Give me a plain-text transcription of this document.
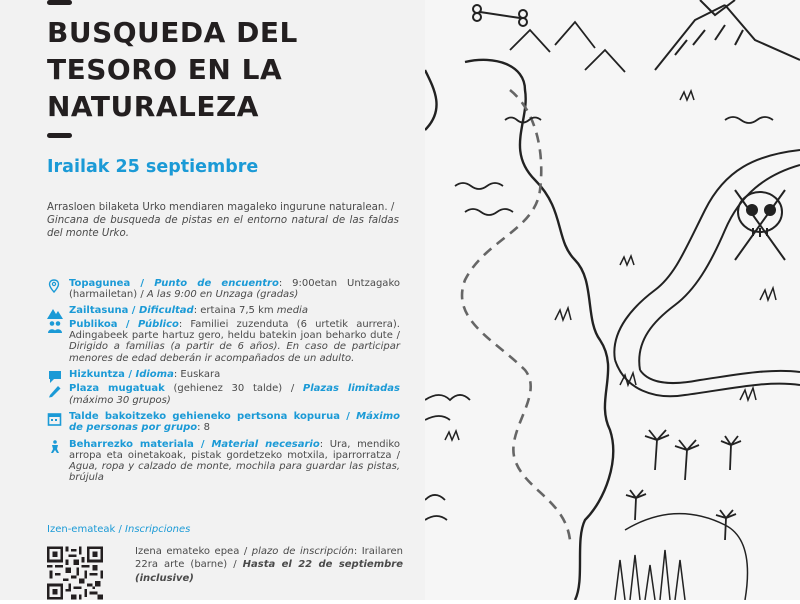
BUSQUEDA DEL
TESORO EN LA
NATURALEZA
Irailak 25 septiembre
Arrasloen bilaketa Urko mendiaren magaleko ingurune naturalean. /
Gincana de busqueda de pistas en el entorno natural de las faldas del monte Urko.
Topagunea / Punto de encuentro: 9:00etan Untzagako (harmailetan) / A las 9:00 en Unzaga (gradas)
Zailtasuna / Dificultad: ertaina 7,5 km media
Publikoa / Público: Familiei zuzendutа (6 urtetik aurrera). Adingabeek parte hartuz gero, heldu batekin joan beharko dute / Dirigido a familias (a partir de 6 años). En caso de participar menores de edad deberán ir acompañados de un adulto.
Hizkuntza / Idioma: Euskara
Plaza mugatuak (gehienez 30 talde) / Plazas limitadas (máximo 30 grupos)
Talde bakoitzeko gehieneko pertsona kopurua / Máximo de personas por grupo: 8
Beharrezko materiala / Material necesario: Ura, mendiko arropa eta oinetakoak, pistak gordetzeko motxila, iparrorratza / Agua, ropa y calzado de monte, mochila para guardar las pistas, brújula
Izen-emateak / Inscripciones
Izena emateko epea / plazo de inscripción: Irailaren 22ra arte (barne) / Hasta el 22 de septiembre (inclusive)
